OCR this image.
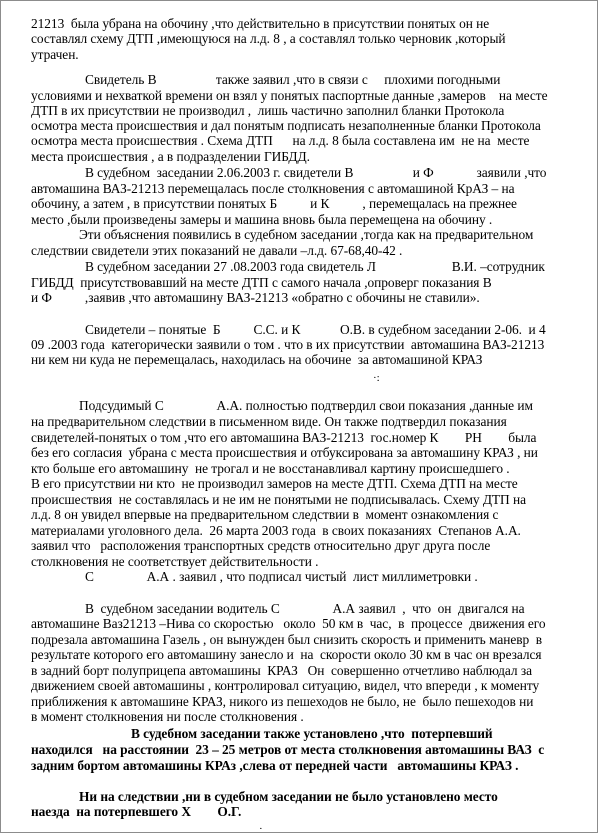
21213  была убрана на обочину ,что действительно в присутствии понятых он не
составлял схему ДТП ,имеющуюся на л.д. 8 , а составлял только черновик ,который
утрачен.
Свидетель В                  также заявил ,что в связи с     плохими погодными
условиями и нехваткой времени он взял у понятых паспортные данные ,замеров    на месте
ДТП в их присутствии не производил ,  лишь частично заполнил бланки Протокола
осмотра места происшествия и дал понятым подписать незаполненные бланки Протокола
осмотра места происшествия . Схема ДТП      на л.д. 8 была составлена им  не на  месте
места происшествия , а в подразделении ГИБДД.
В судебном  заседании 2.06.2003 г. свидетели В                  и Ф             заявили ,что
автомашина ВАЗ-21213 перемещалась после столкновения с автомашиной КрАЗ – на
обочину, а затем , в присутствии понятых Б          и К          , перемещалась на прежнее
место ,были произведены замеры и машина вновь была перемещена на обочину .
Эти объяснения появились в судебном заседании ,тогда как на предварительном
следствии свидетели этих показаний не давали –л.д. 67-68,40-42 .
В судебном заседании 27 .08.2003 года свидетель Л                       В.И. –сотрудник
ГИБДД  присутствовавший на месте ДТП с самого начала ,опроверг показания В
и Ф          ,заявив ,что автомашину ВАЗ-21213 «обратно с обочины не ставили».
Свидетели – понятые  Б          С.С. и К            О.В. в судебном заседании 2-06.  и 4
09 .2003 года  категорически заявили о том . что в их присутствии  автомашина ВАЗ-21213
ни кем ни куда не перемещалась, находилась на обочине  за автомашиной КРАЗ
·:
Подсудимый С                А.А. полностью подтвердил свои показания ,данные им
на предварительном следствии в письменном виде. Он также подтвердил показания
свидетелей-понятых о том ,что его автомашина ВАЗ-21213  гос.номер К        РН        была
без его согласия  убрана с места происшествия и отбуксирована за автомашину КРАЗ , ни
кто больше его автомашину  не трогал и не восстанавливал картину происшедшего .
В его присутствии ни кто  не производил замеров на месте ДТП. Схема ДТП на месте
происшествия  не составлялась и не им не понятыми не подписывалась. Схему ДТП на
л.д. 8 он увидел впервые на предварительном следствии в  момент ознакомления с
материалами уголовного дела.  26 марта 2003 года  в своих показаниях  Степанов А.А.
заявил что   расположения транспортных средств относительно друг друга после
столкновения не соответствует действительности .
С                А.А . заявил , что подписал чистый  лист миллиметровки .
В  судебном заседании водитель С                А.А заявил  ,  что  он  двигался на
автомашине Ваз21213 –Нива со скоростью   около  50 км в  час,  в  процессе  движения его
подрезала автомашина Газель , он вынужден был снизить скорость и применить маневр  в
результате которого его автомашину занесло и  на  скорости около 30 км в час он врезался
в задний борт полуприцепа автомашины  КРАЗ   Он  совершенно отчетливо наблюдал за
движением своей автомашины , контролировал ситуацию, видел, что впереди , к моменту
приближения к автомашине КРАЗ, никого из пешеходов не было, не  было пешеходов ни
в момент столкновения ни после столкновения .
В судебном заседании также установлено ,что  потерпевший
находился   на расстоянии  23 – 25 метров от места столкновения автомашины ВАЗ  с
задним бортом автомашины КРАз ,слева от передней части   автомашины КРАЗ .
Ни на следствии ,ни в судебном заседании не было установлено место
наезда  на потерпевшего Х        О.Г.
·
